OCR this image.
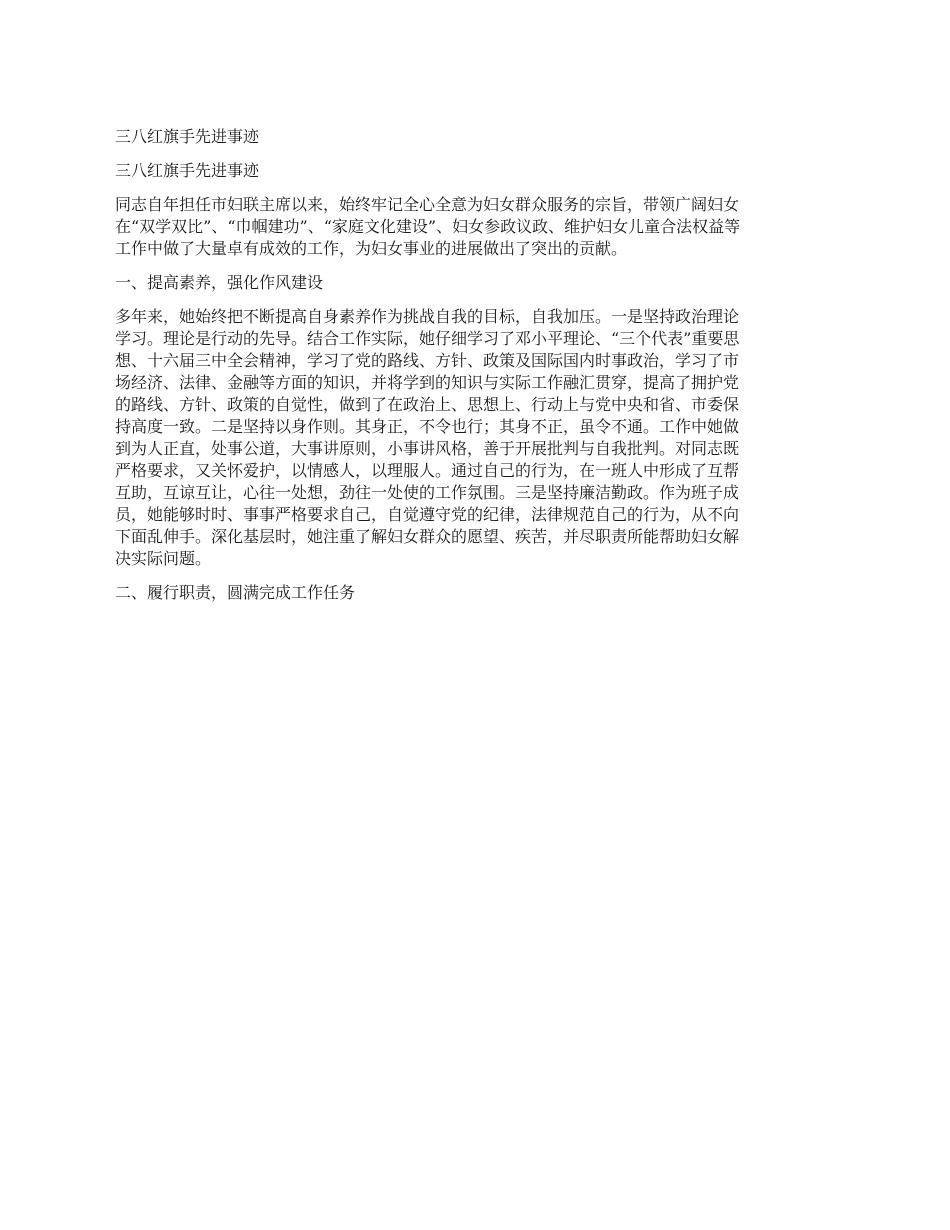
三八红旗手先进事迹

三八红旗手先进事迹

同志自年担任市妇联主席以来，始终牢记全心全意为妇女群众服务的宗旨，带领广阔妇女

在“双学双比”、“巾帼建功”、“家庭文化建设”、妇女参政议政、维护妇女儿童合法权益等

工作中做了大量卓有成效的工作，为妇女事业的进展做出了突出的贡献。

一、提高素养，强化作风建设

多年来，她始终把不断提高自身素养作为挑战自我的目标，自我加压。一是坚持政治理论

学习。理论是行动的先导。结合工作实际，她仔细学习了邓小平理论、“三个代表”重要思

想、十六届三中全会精神，学习了党的路线、方针、政策及国际国内时事政治，学习了市

场经济、法律、金融等方面的知识，并将学到的知识与实际工作融汇贯穿，提高了拥护党

的路线、方针、政策的自觉性，做到了在政治上、思想上、行动上与党中央和省、市委保

持高度一致。二是坚持以身作则。其身正，不令也行；其身不正，虽令不通。工作中她做

到为人正直，处事公道，大事讲原则，小事讲风格，善于开展批判与自我批判。对同志既

严格要求，又关怀爱护，以情感人，以理服人。通过自己的行为，在一班人中形成了互帮

互助，互谅互让，心往一处想，劲往一处使的工作氛围。三是坚持廉洁勤政。作为班子成

员，她能够时时、事事严格要求自己，自觉遵守党的纪律，法律规范自己的行为，从不向

下面乱伸手。深化基层时，她注重了解妇女群众的愿望、疾苦，并尽职责所能帮助妇女解

决实际问题。

二、履行职责，圆满完成工作任务
